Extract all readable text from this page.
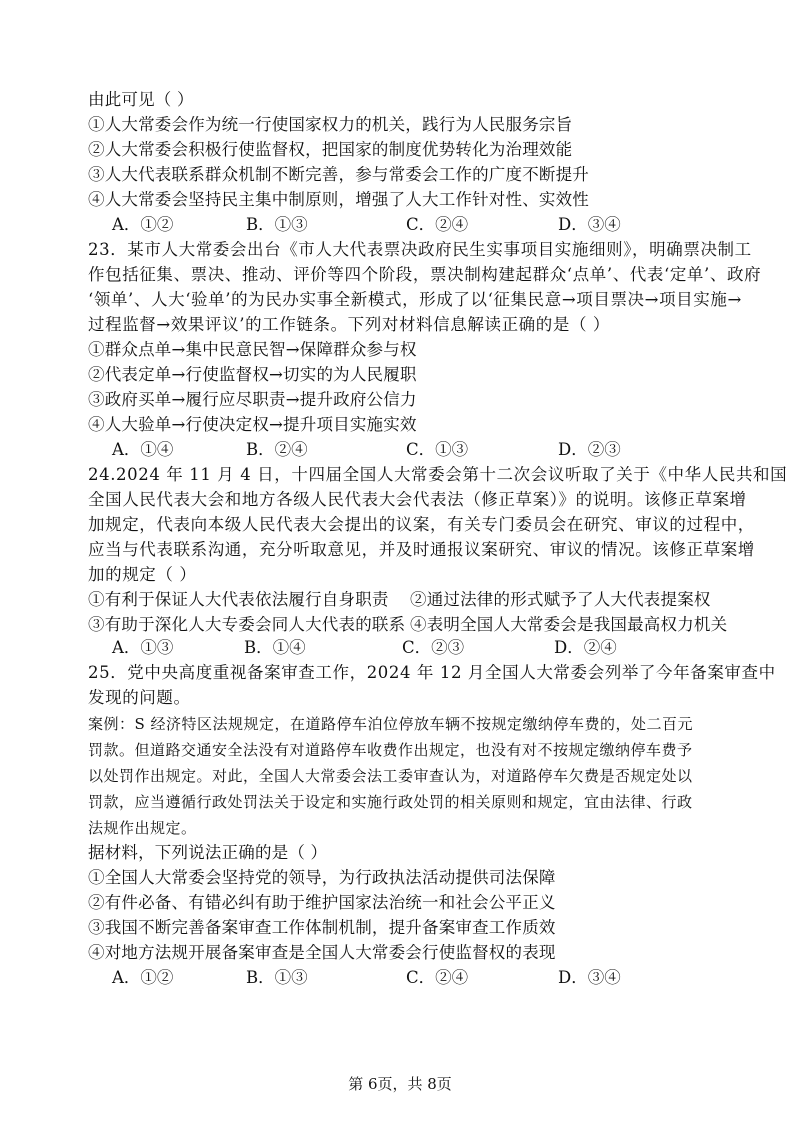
由此可见（ ）
①人大常委会作为统一行使国家权力的机关，践行为人民服务宗旨
②人大常委会积极行使监督权，把国家的制度优势转化为治理效能
③人大代表联系群众机制不断完善，参与常委会工作的广度不断提升
④人大常委会坚持民主集中制原则，增强了人大工作针对性、实效性
A．①②	B．①③	C．②④	D．③④
23．某市人大常委会出台《市人大代表票决政府民生实事项目实施细则》，明确票决制工
作包括征集、票决、推动、评价等四个阶段，票决制构建起群众‘点单’、代表‘定单’、政府
‘领单’、人大‘验单’的为民办实事全新模式，形成了以‘征集民意→项目票决→项目实施→
过程监督→效果评议’的工作链条。下列对材料信息解读正确的是（ ）
①群众点单→集中民意民智→保障群众参与权
②代表定单→行使监督权→切实的为人民履职
③政府买单→履行应尽职责→提升政府公信力
④人大验单→行使决定权→提升项目实施实效
A．①④	B．②④	C．①③	D．②③
24.2024 年 11 月 4 日，十四届全国人大常委会第十二次会议听取了关于《中华人民共和国
全国人民代表大会和地方各级人民代表大会代表法（修正草案）》的说明。该修正草案增
加规定，代表向本级人民代表大会提出的议案，有关专门委员会在研究、审议的过程中，
应当与代表联系沟通，充分听取意见，并及时通报议案研究、审议的情况。该修正草案增
加的规定（ ）
①有利于保证人大代表依法履行自身职责 ②通过法律的形式赋予了人大代表提案权
③有助于深化人大专委会同人大代表的联系 ④表明全国人大常委会是我国最高权力机关
A．①③	B．①④	C．②③	D．②④
25．党中央高度重视备案审查工作，2024 年 12 月全国人大常委会列举了今年备案审查中
发现的问题。
案例：S 经济特区法规规定，在道路停车泊位停放车辆不按规定缴纳停车费的，处二百元
罚款。但道路交通安全法没有对道路停车收费作出规定，也没有对不按规定缴纳停车费予
以处罚作出规定。对此，全国人大常委会法工委审查认为，对道路停车欠费是否规定处以
罚款，应当遵循行政处罚法关于设定和实施行政处罚的相关原则和规定，宜由法律、行政
法规作出规定。
据材料，下列说法正确的是（ ）
①全国人大常委会坚持党的领导，为行政执法活动提供司法保障
②有件必备、有错必纠有助于维护国家法治统一和社会公平正义
③我国不断完善备案审查工作体制机制，提升备案审查工作质效
④对地方法规开展备案审查是全国人大常委会行使监督权的表现
A．①②	B．①③	C．②④	D．③④
第 6页，共 8页
